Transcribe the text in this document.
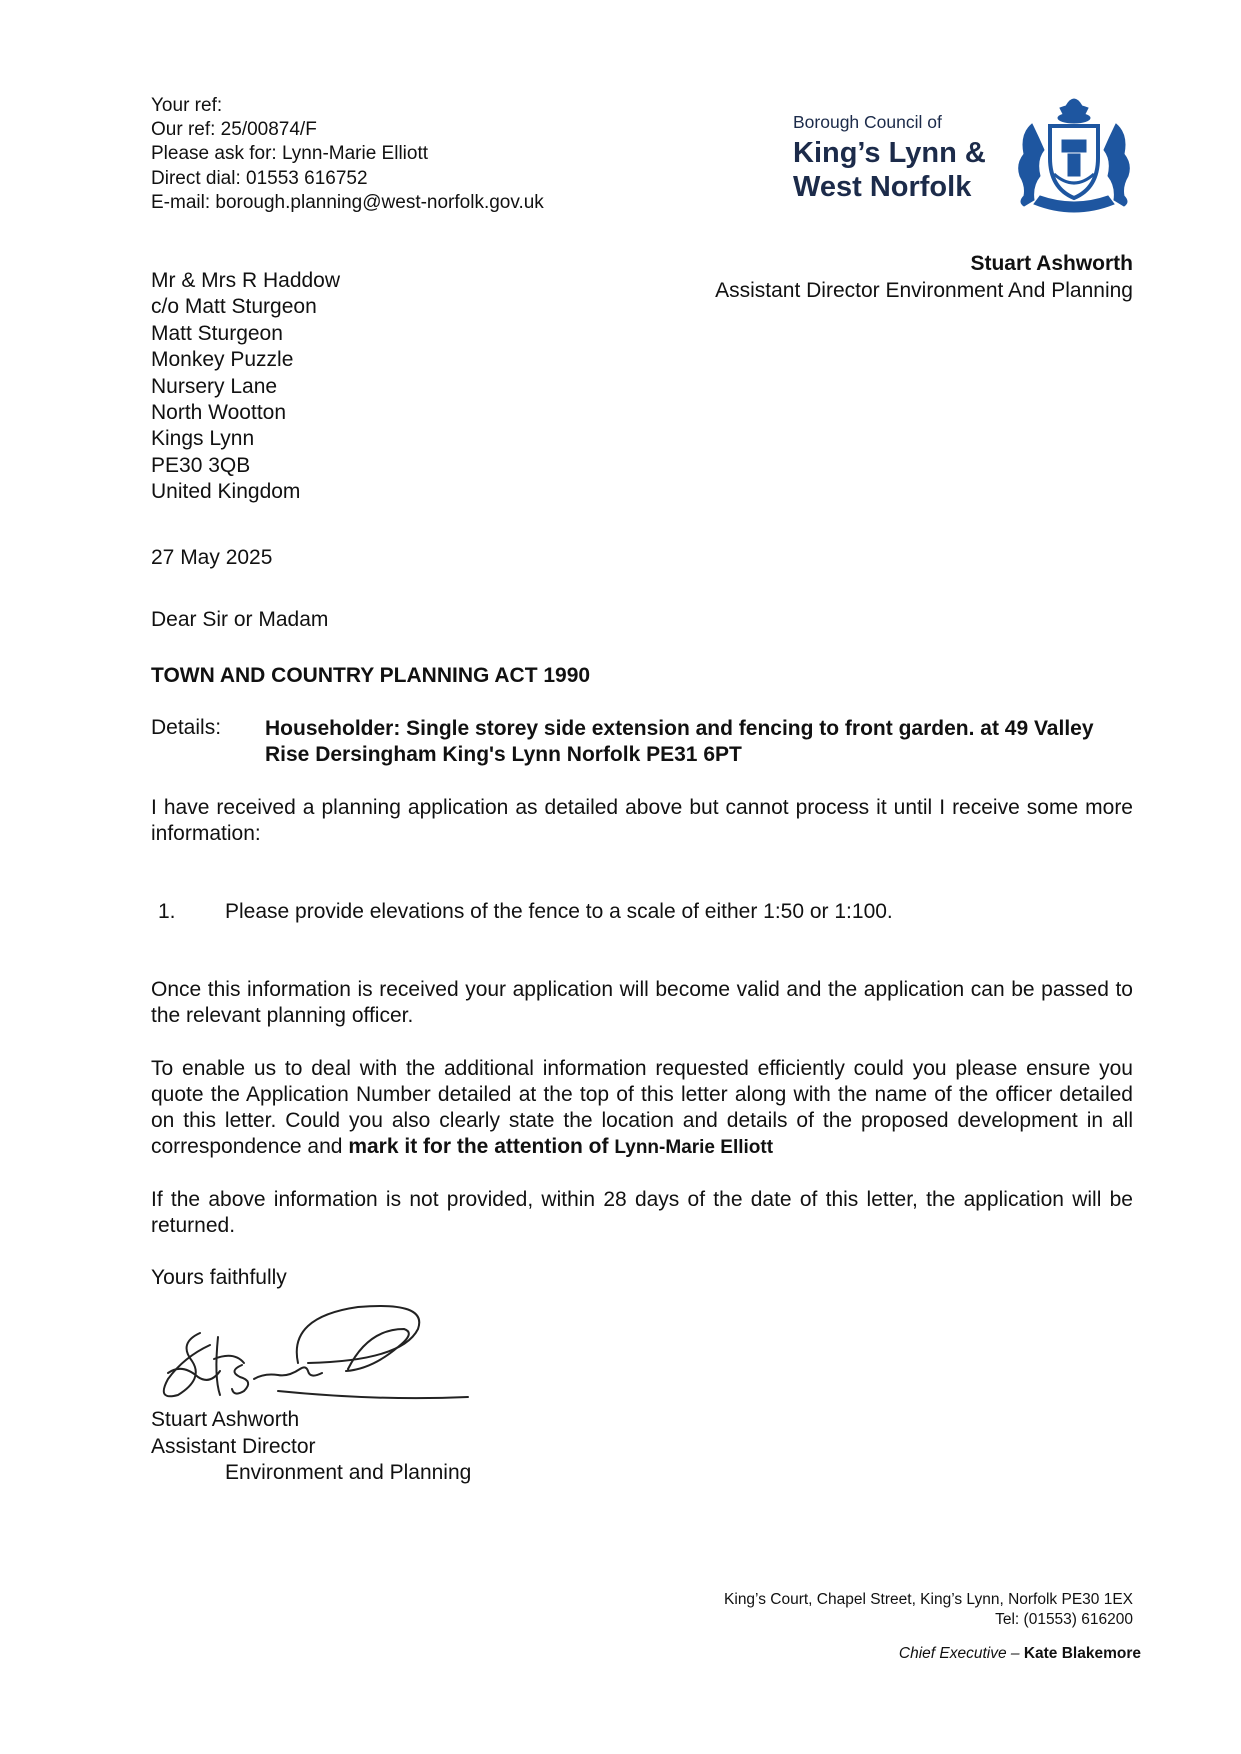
Your ref:
Our ref: 25/00874/F
Please ask for: Lynn-Marie Elliott
Direct dial: 01553 616752
E-mail: borough.planning@west-norfolk.gov.uk
Borough Council of
King’s Lynn &
West Norfolk
Stuart Ashworth
Assistant Director Environment And Planning
Mr & Mrs R Haddow
c/o Matt Sturgeon
Matt Sturgeon
Monkey Puzzle
Nursery Lane
North Wootton
Kings Lynn
PE30 3QB
United Kingdom
27 May 2025
Dear Sir or Madam
TOWN AND COUNTRY PLANNING ACT 1990
Details: Householder: Single storey side extension and fencing to front garden. at 49 Valley Rise Dersingham King's Lynn Norfolk PE31 6PT
I have received a planning application as detailed above but cannot process it until I receive some more information:
1. Please provide elevations of the fence to a scale of either 1:50 or 1:100.
Once this information is received your application will become valid and the application can be passed to the relevant planning officer.
To enable us to deal with the additional information requested efficiently could you please ensure you quote the Application Number detailed at the top of this letter along with the name of the officer detailed on this letter. Could you also clearly state the location and details of the proposed development in all correspondence and mark it for the attention of Lynn-Marie Elliott
If the above information is not provided, within 28 days of the date of this letter, the application will be returned.
Yours faithfully
Stuart Ashworth
Assistant Director
Environment and Planning
King’s Court, Chapel Street, King’s Lynn, Norfolk PE30 1EX
Tel: (01553) 616200
Chief Executive – Kate Blakemore
